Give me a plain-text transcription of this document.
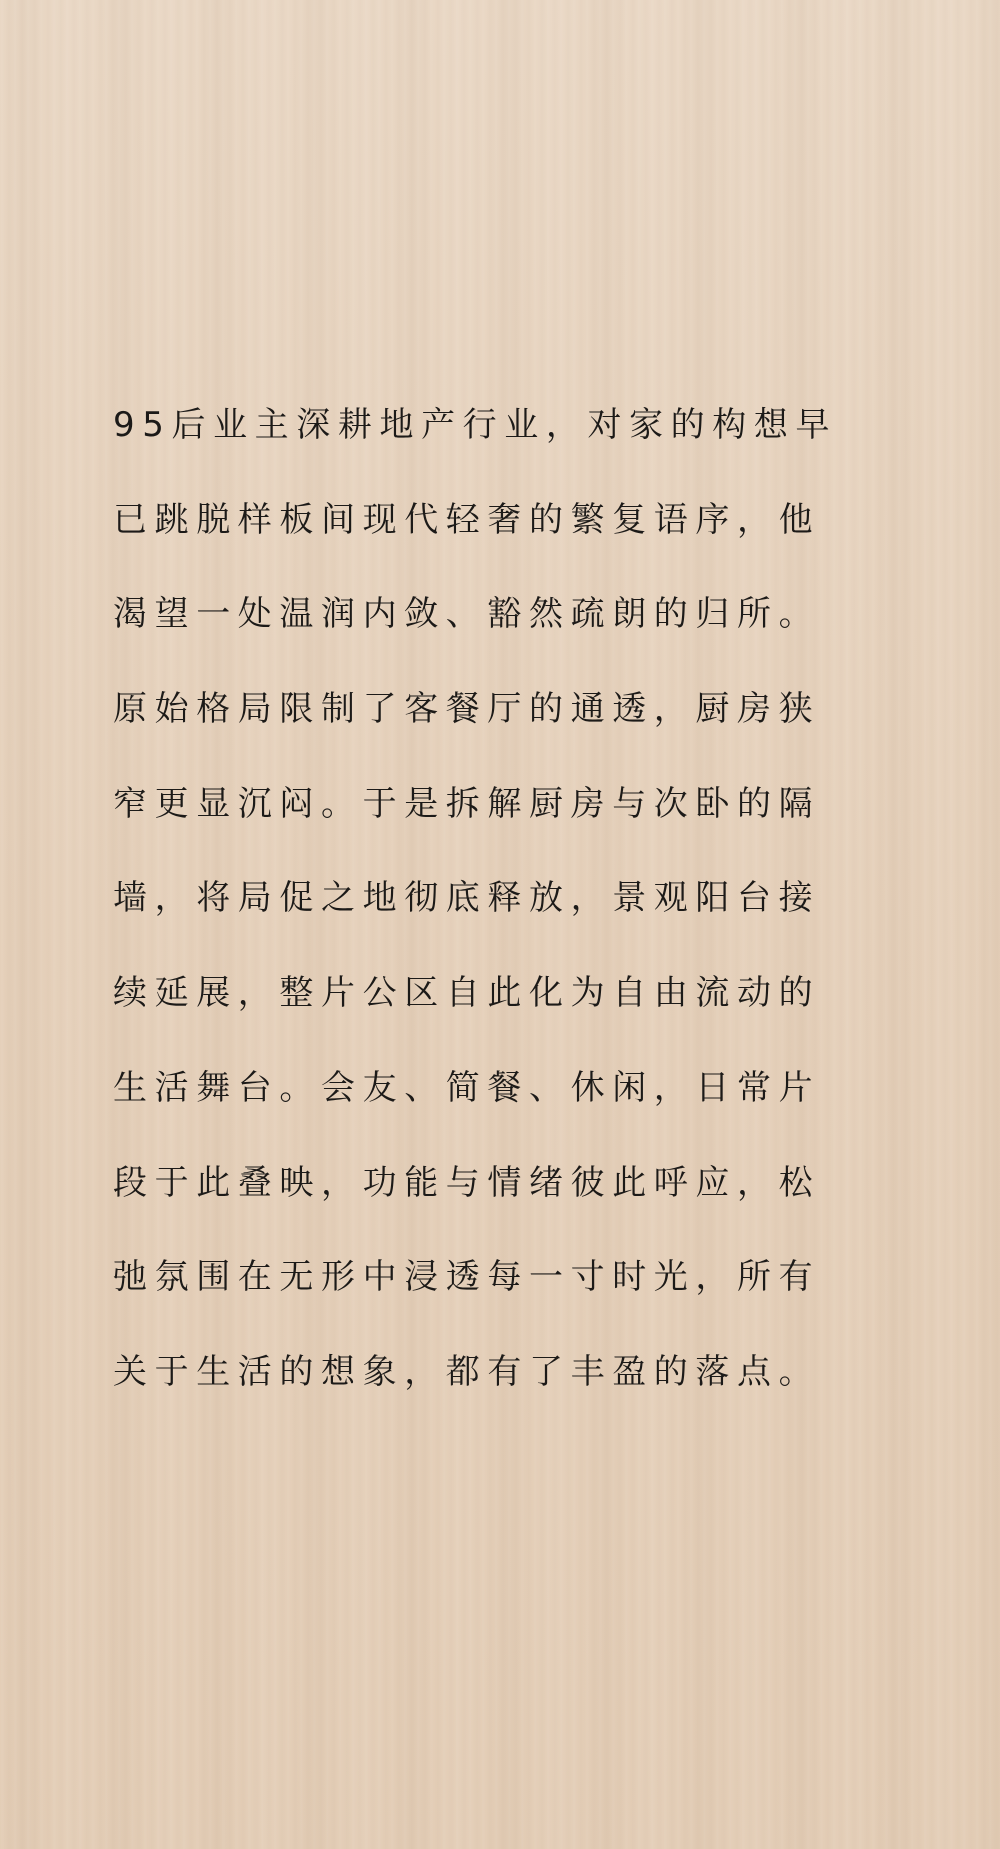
95后业主深耕地产行业，对家的构想早
已跳脱样板间现代轻奢的繁复语序，他
渴望一处温润内敛、豁然疏朗的归所。
原始格局限制了客餐厅的通透，厨房狭
窄更显沉闷。于是拆解厨房与次卧的隔
墙，将局促之地彻底释放，景观阳台接
续延展，整片公区自此化为自由流动的
生活舞台。会友、简餐、休闲，日常片
段于此叠映，功能与情绪彼此呼应，松
弛氛围在无形中浸透每一寸时光，所有
关于生活的想象，都有了丰盈的落点。
